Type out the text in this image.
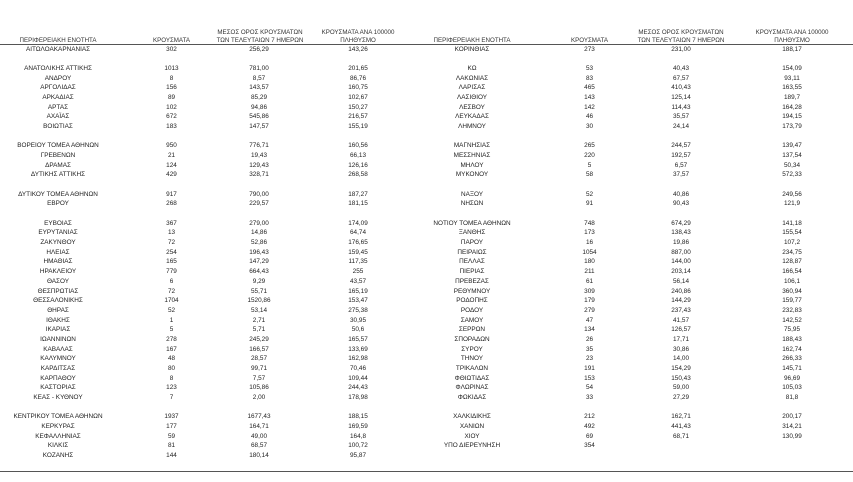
ΠΕΡΙΦΕΡΕΙΑΚΗ ΕΝΟΤΗΤΑ	ΚΡΟΥΣΜΑΤΑ
ΜΕΣΟΣ ΟΡΟΣ ΚΡΟΥΣΜΑΤΩΝ ΤΩΝ ΤΕΛΕΥΤΑΙΩΝ 7 ΗΜΕΡΩΝ
ΚΡΟΥΣΜΑΤΑ ΑΝΑ 100000 ΠΛΗΘΥΣΜΟ	ΠΕΡΙΦΕΡΕΙΑΚΗ ΕΝΟΤΗΤΑ	ΚΡΟΥΣΜΑΤΑ
ΜΕΣΟΣ ΟΡΟΣ ΚΡΟΥΣΜΑΤΩΝ ΤΩΝ ΤΕΛΕΥΤΑΙΩΝ 7 ΗΜΕΡΩΝ
ΚΡΟΥΣΜΑΤΑ ΑΝΑ 100000 ΠΛΗΘΥΣΜΟ
ΑΙΤΩΛΟΑΚΑΡΝΑΝΙΑΣ	302	256,29	143,26
ΑΝΑΤΟΛΙΚΗΣ ΑΤΤΙΚΗΣ	1013	781,00	201,65
ΑΝΔΡΟΥ	8	8,57	86,76
ΑΡΓΟΛΙΔΑΣ	156	143,57	160,75
ΑΡΚΑΔΙΑΣ	89	85,29	102,67
ΑΡΤΑΣ	102	94,86	150,27
ΑΧΑΪΑΣ	672	545,86	216,57
ΒΟΙΩΤΙΑΣ	183	147,57	155,19
ΒΟΡΕΙΟΥ ΤΟΜΕΑ ΑΘΗΝΩΝ	950	776,71	160,56
ΓΡΕΒΕΝΩΝ	21	19,43	66,13
ΔΡΑΜΑΣ	124	129,43	126,16
ΔΥΤΙΚΗΣ ΑΤΤΙΚΗΣ	429	328,71	268,58
ΔΥΤΙΚΟΥ ΤΟΜΕΑ ΑΘΗΝΩΝ	917	790,00	187,27
ΕΒΡΟΥ	268	229,57	181,15
ΕΥΒΟΙΑΣ	367	279,00	174,09
ΕΥΡΥΤΑΝΙΑΣ	13	14,86	64,74
ΖΑΚΥΝΘΟΥ	72	52,86	176,65
ΗΛΕΙΑΣ	254	196,43	159,45
ΗΜΑΘΙΑΣ	165	147,29	117,35
ΗΡΑΚΛΕΙΟΥ	779	664,43	255
ΘΑΣΟΥ	6	9,29	43,57
ΘΕΣΠΡΩΤΙΑΣ	72	55,71	165,19
ΘΕΣΣΑΛΟΝΙΚΗΣ	1704	1520,86	153,47
ΘΗΡΑΣ	52	53,14	275,38
ΙΘΑΚΗΣ	1	2,71	30,95
ΙΚΑΡΙΑΣ	5	5,71	50,6
ΙΩΑΝΝΙΝΩΝ	278	245,29	165,57
ΚΑΒΑΛΑΣ	167	166,57	133,69
ΚΑΛΥΜΝΟΥ	48	28,57	162,98
ΚΑΡΔΙΤΣΑΣ	80	99,71	70,46
ΚΑΡΠΑΘΟΥ	8	7,57	109,44
ΚΑΣΤΟΡΙΑΣ	123	105,86	244,43
ΚΕΑΣ - ΚΥΘΝΟΥ	7	2,00	178,98
ΚΕΝΤΡΙΚΟΥ ΤΟΜΕΑ ΑΘΗΝΩΝ	1937	1677,43	188,15
ΚΕΡΚΥΡΑΣ	177	164,71	169,59
ΚΕΦΑΛΛΗΝΙΑΣ	59	49,00	164,8
ΚΙΛΚΙΣ	81	68,57	100,72
ΚΟΖΑΝΗΣ	144	180,14	95,87
ΚΟΡΙΝΘΙΑΣ	273	231,00	188,17
ΚΩ	53	40,43	154,09
ΛΑΚΩΝΙΑΣ	83	67,57	93,11
ΛΑΡΙΣΑΣ	465	410,43	163,55
ΛΑΣΙΘΙΟΥ	143	125,14	189,7
ΛΕΣΒΟΥ	142	114,43	164,28
ΛΕΥΚΑΔΑΣ	46	35,57	194,15
ΛΗΜΝΟΥ	30	24,14	173,79
ΜΑΓΝΗΣΙΑΣ	265	244,57	139,47
ΜΕΣΣΗΝΙΑΣ	220	192,57	137,54
ΜΗΛΟΥ	5	6,57	50,34
ΜΥΚΟΝΟΥ	58	37,57	572,33
ΝΑΞΟΥ	52	40,86	249,56
ΝΗΣΩΝ	91	90,43	121,9
ΝΟΤΙΟΥ ΤΟΜΕΑ ΑΘΗΝΩΝ	748	674,29	141,18
ΞΑΝΘΗΣ	173	138,43	155,54
ΠΑΡΟΥ	16	19,86	107,2
ΠΕΙΡΑΙΩΣ	1054	887,00	234,75
ΠΕΛΛΑΣ	180	144,00	128,87
ΠΙΕΡΙΑΣ	211	203,14	166,54
ΠΡΕΒΕΖΑΣ	61	56,14	106,1
ΡΕΘΥΜΝΟΥ	309	240,86	360,94
ΡΟΔΟΠΗΣ	179	144,29	159,77
ΡΟΔΟΥ	279	237,43	232,83
ΣΑΜΟΥ	47	41,57	142,52
ΣΕΡΡΩΝ	134	126,57	75,95
ΣΠΟΡΑΔΩΝ	26	17,71	188,43
ΣΥΡΟΥ	35	30,86	162,74
ΤΗΝΟΥ	23	14,00	266,33
ΤΡΙΚΑΛΩΝ	191	154,29	145,71
ΦΘΙΩΤΙΔΑΣ	153	150,43	96,69
ΦΛΩΡΙΝΑΣ	54	59,00	105,03
ΦΩΚΙΔΑΣ	33	27,29	81,8
ΧΑΛΚΙΔΙΚΗΣ	212	162,71	200,17
ΧΑΝΙΩΝ	492	441,43	314,21
ΧΙΟΥ	69	68,71	130,99
ΥΠΟ ΔΙΕΡΕΥΝΗΣΗ	354
